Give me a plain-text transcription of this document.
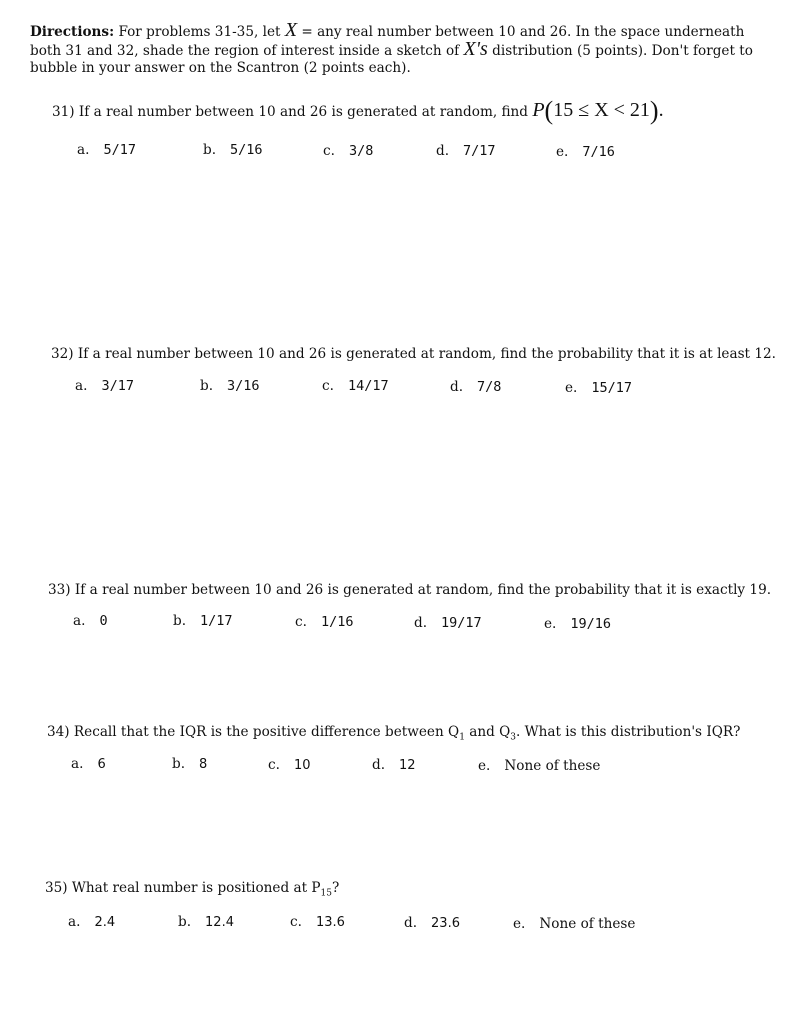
Directions: For problems 31-35, let X = any real number between 10 and 26. In the space underneath both 31 and 32, shade the region of interest inside a sketch of X's distribution (5 points). Don't forget to bubble in your answer on the Scantron (2 points each).
31) If a real number between 10 and 26 is generated at random, find P(15 ≤ X < 21).
a. 5/17	b. 5/16	c. 3/8	d. 7/17	e. 7/16
32) If a real number between 10 and 26 is generated at random, find the probability that it is at least 12.
a. 3/17	b. 3/16	c. 14/17	d. 7/8	e. 15/17
33) If a real number between 10 and 26 is generated at random, find the probability that it is exactly 19.
a. 0	b. 1/17	c. 1/16	d. 19/17	e. 19/16
34) Recall that the IQR is the positive difference between $Q_1$ and $Q_3$. What is this distribution's IQR?
a. 6	b. 8	c. 10	d. 12	e. None of these
35) What real number is positioned at $P_{15}$?
a. 2.4	b. 12.4	c. 13.6	d. 23.6	e. None of these
